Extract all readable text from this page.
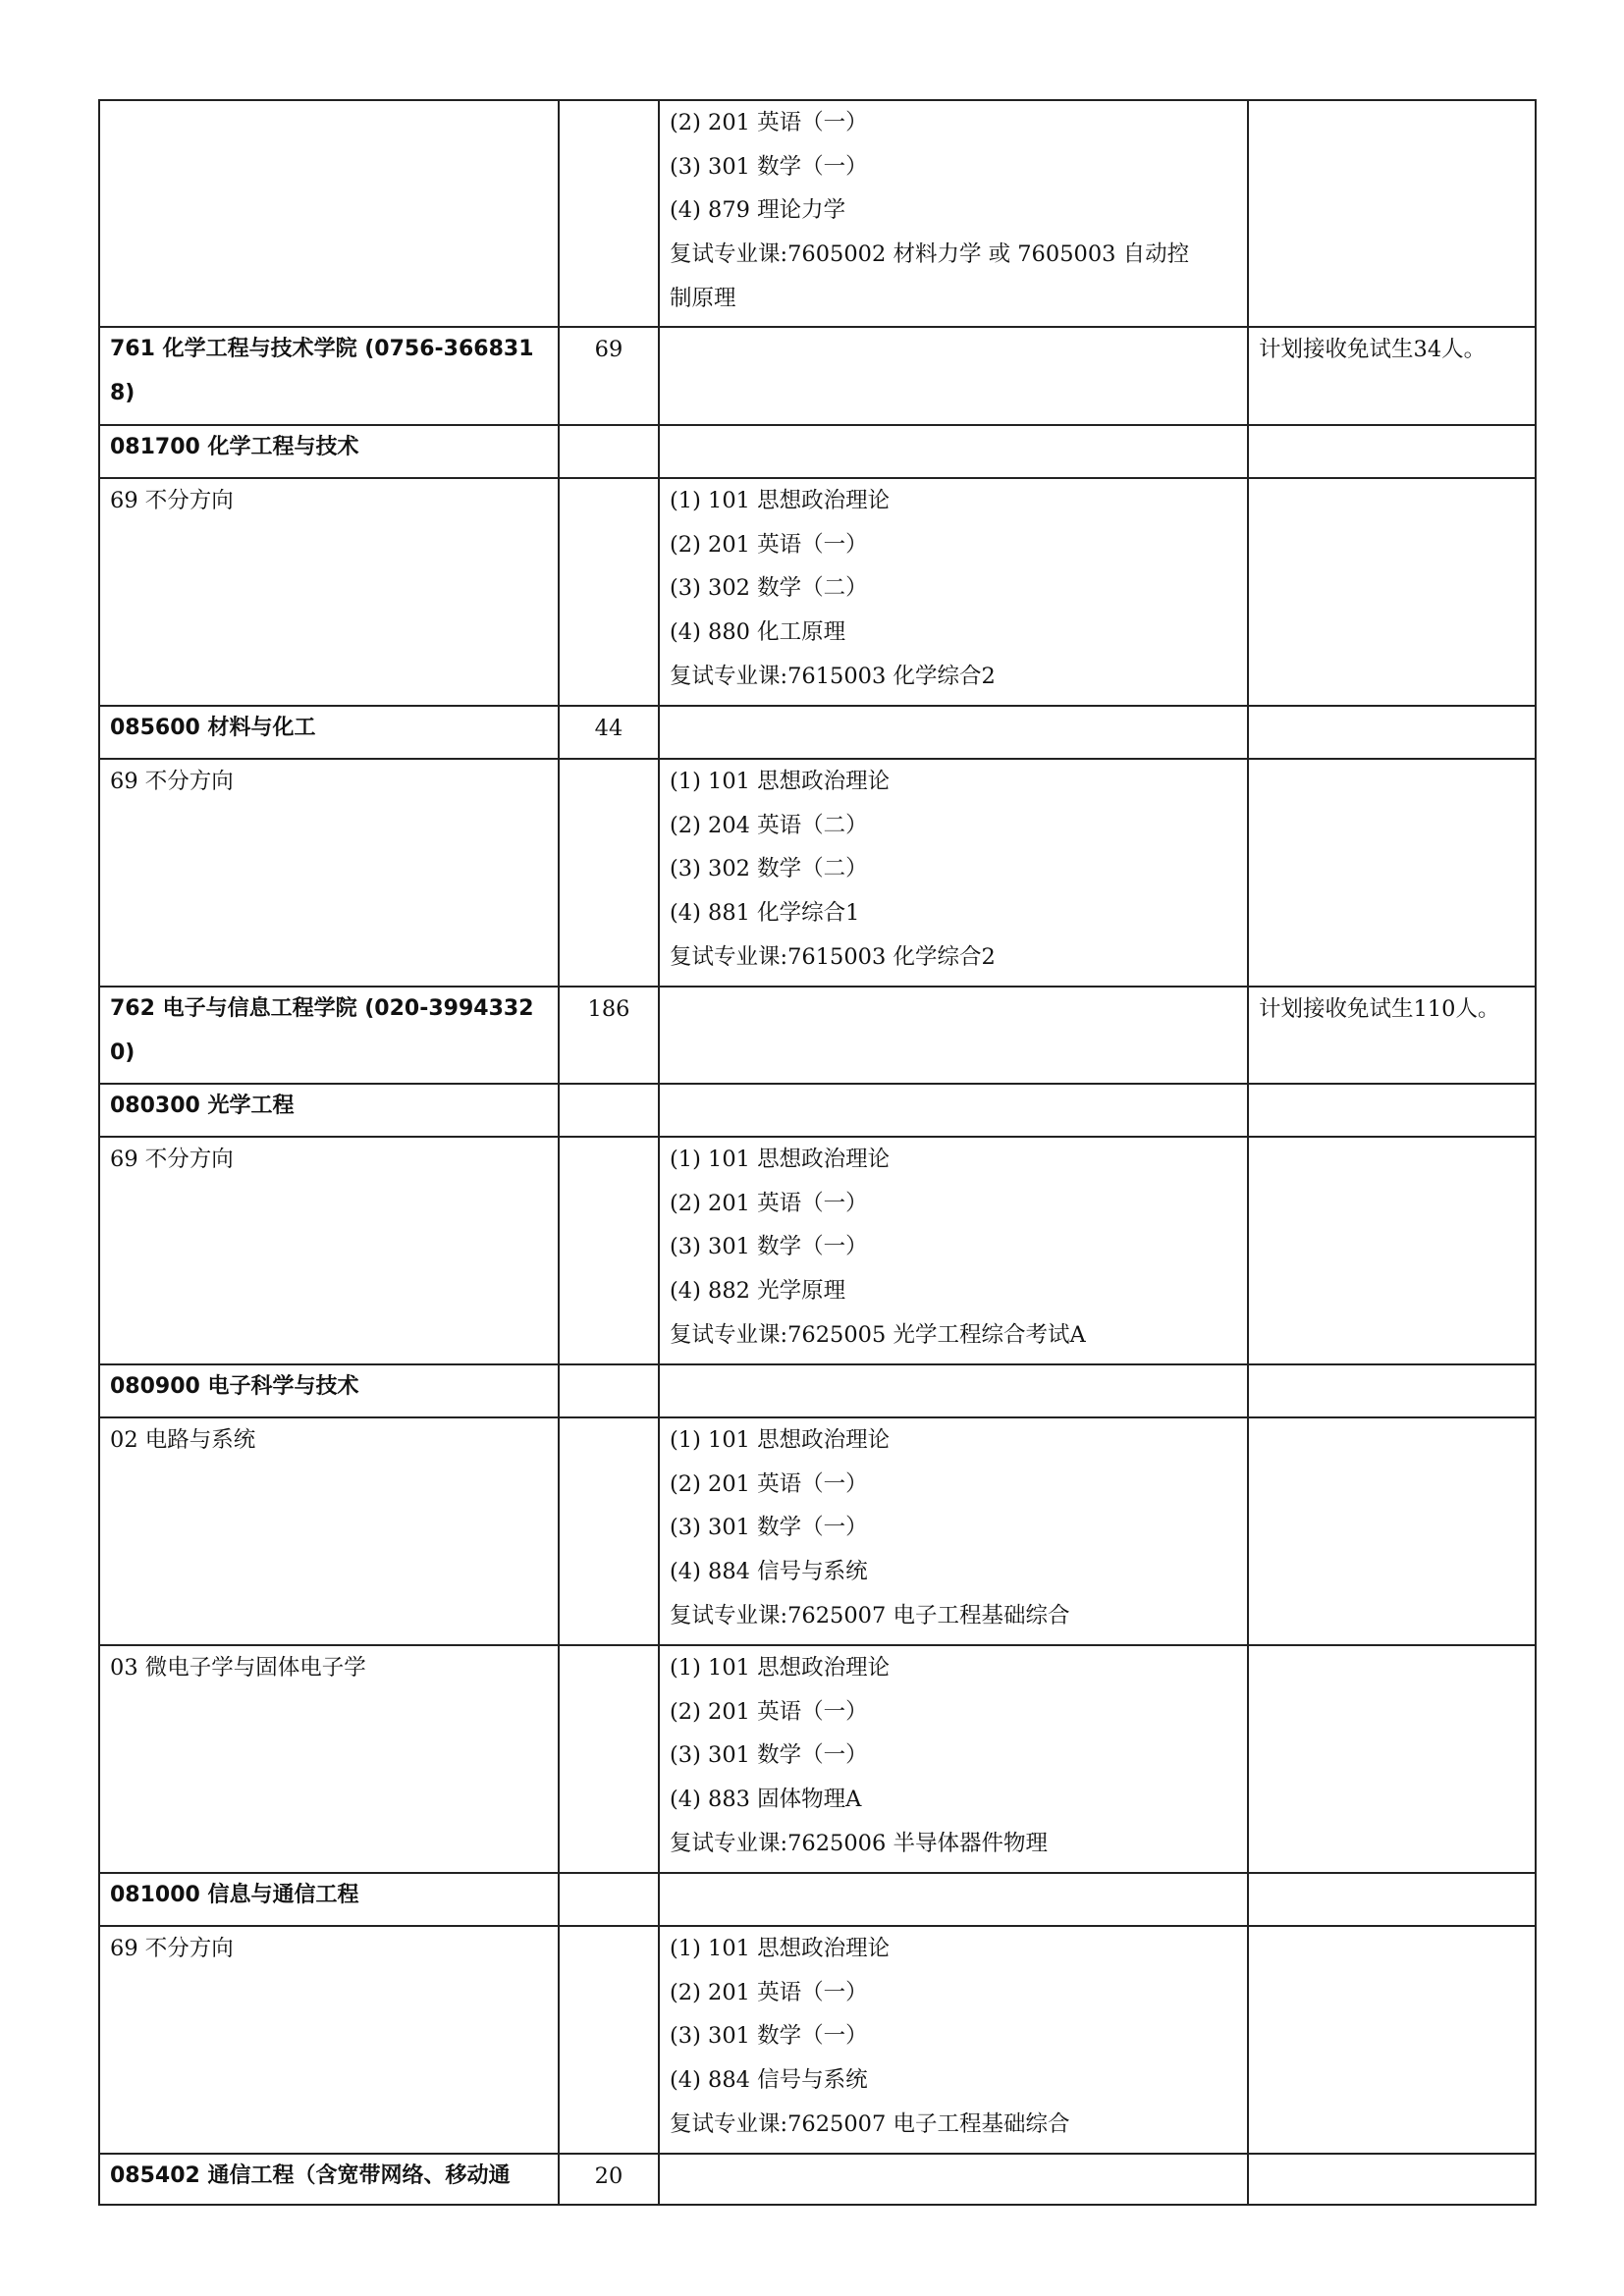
		(2) 201 英语（一）
(3) 301 数学（一）
(4) 879 理论力学
复试专业课:7605002 材料力学 或 7605003 自动控
制原理	

761 化学工程与技术学院 (0756-3668318)	69		计划接收免试生34人。
081700 化学工程与技术			
69 不分方向		(1) 101 思想政治理论
(2) 201 英语（一）
(3) 302 数学（二）
(4) 880 化工原理
复试专业课:7615003 化学综合2	

085600 材料与化工	44		
69 不分方向		(1) 101 思想政治理论
(2) 204 英语（二）
(3) 302 数学（二）
(4) 881 化学综合1
复试专业课:7615003 化学综合2	

762 电子与信息工程学院 (020-39943320)	186		计划接收免试生110人。
080300 光学工程			
69 不分方向		(1) 101 思想政治理论
(2) 201 英语（一）
(3) 301 数学（一）
(4) 882 光学原理
复试专业课:7625005 光学工程综合考试A	

080900 电子科学与技术			
02 电路与系统		(1) 101 思想政治理论
(2) 201 英语（一）
(3) 301 数学（一）
(4) 884 信号与系统
复试专业课:7625007 电子工程基础综合	

03 微电子学与固体电子学		(1) 101 思想政治理论
(2) 201 英语（一）
(3) 301 数学（一）
(4) 883 固体物理A
复试专业课:7625006 半导体器件物理	

081000 信息与通信工程			
69 不分方向		(1) 101 思想政治理论
(2) 201 英语（一）
(3) 301 数学（一）
(4) 884 信号与系统
复试专业课:7625007 电子工程基础综合	

085402 通信工程（含宽带网络、移动通	20		
